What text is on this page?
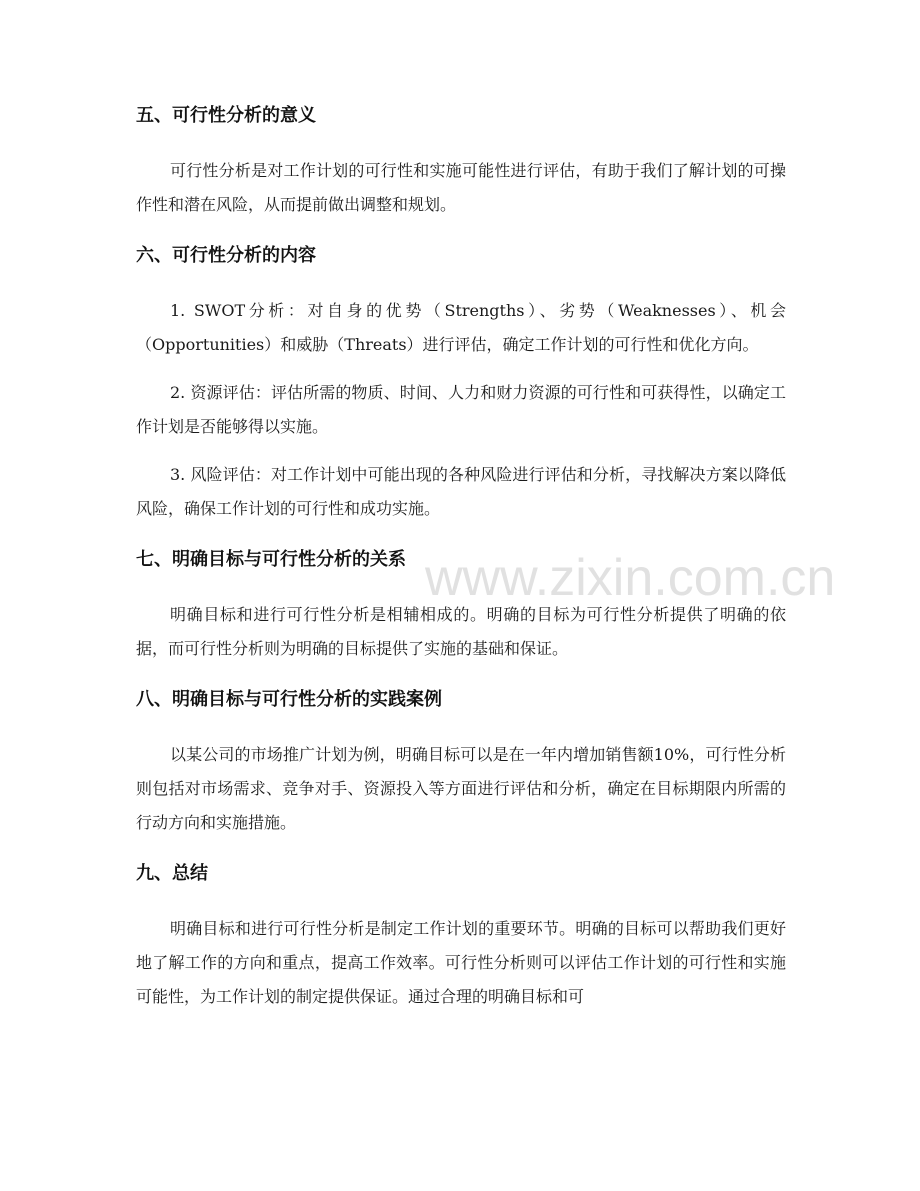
www.zixin.com.cn
五、可行性分析的意义

可行性分析是对工作计划的可行性和实施可能性进行评估，有助于我们了解计划的可操作性和潜在风险，从而提前做出调整和规划。

六、可行性分析的内容

1. SWOT分析：对自身的优势（Strengths）、劣势（Weaknesses）、机会（Opportunities）和威胁（Threats）进行评估，确定工作计划的可行性和优化方向。

2. 资源评估：评估所需的物质、时间、人力和财力资源的可行性和可获得性，以确定工作计划是否能够得以实施。

3. 风险评估：对工作计划中可能出现的各种风险进行评估和分析，寻找解决方案以降低风险，确保工作计划的可行性和成功实施。

七、明确目标与可行性分析的关系

明确目标和进行可行性分析是相辅相成的。明确的目标为可行性分析提供了明确的依据，而可行性分析则为明确的目标提供了实施的基础和保证。

八、明确目标与可行性分析的实践案例

以某公司的市场推广计划为例，明确目标可以是在一年内增加销售额10%，可行性分析则包括对市场需求、竞争对手、资源投入等方面进行评估和分析，确定在目标期限内所需的行动方向和实施措施。

九、总结

明确目标和进行可行性分析是制定工作计划的重要环节。明确的目标可以帮助我们更好地了解工作的方向和重点，提高工作效率。可行性分析则可以评估工作计划的可行性和实施可能性，为工作计划的制定提供保证。通过合理的明确目标和可
